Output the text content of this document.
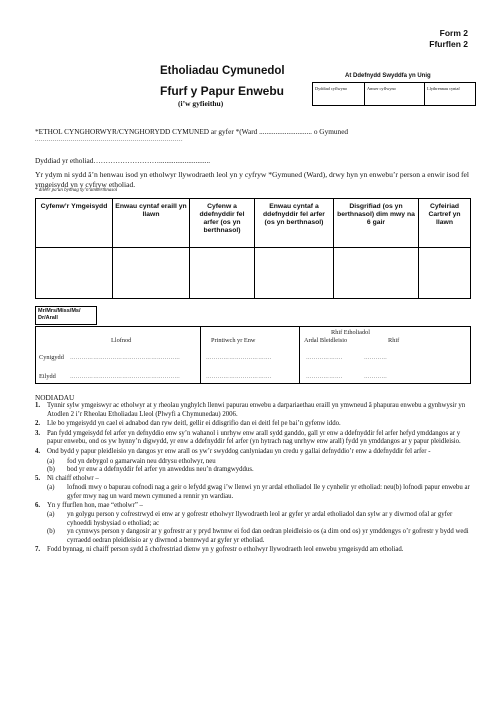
Form 2
Ffurflen 2
Etholiadau Cymunedol
Ffurf y Papur Enwebu
(i’w gyfieithu)
At Ddefnydd Swyddfa yn Unig
Dyddiad cyflwyno	Amser cyflwyno	Llythrennau cyntaf
*ETHOL CYNGHORWYR/CYNGHORYDD CYMUNED ar gyfer *(Ward ............................. o Gymuned
..........................................................................
Dyddiad yr etholiad………………………............................
Yr ydym ni sydd â’n henwau isod yn etholwyr llywodraeth leol yn y cyfryw *Gymuned (Ward), drwy hyn yn enwebu’r person a enwir isod fel ymgeisydd yn y cyfryw etholiad.
* dileer pa un bynnag sy’n amherthnasol
Cyfenw’r Ymgeisydd	Enwau cyntaf eraill yn llawn	Cyfenw a ddefnyddir fel arfer (os yn berthnasol)	Enwau cyntaf a ddefnyddir fel arfer (os yn berthnasol)	Disgrifiad (os yn berthnasol) dim mwy na 6 gair	Cyfeiriad Cartref yn llawn

Mr/Mrs/Miss/Ms/ Dr/Arall
Llofnod	Printiwch yr Enw
Rhif Etholiadol
Ardal Bleidleisio	Rhif
Cynigydd …………………………………………………	…………………………….	……………….	…………
Eilydd	…………………………………………………	…………………………….	……………….	…………
NODIADAU
1.	Tynnir sylw ymgeiswyr ac etholwyr at y rheolau ynghylch llenwi papurau enwebu a darpariaethau eraill yn ymwneud â phapurau enwebu a gynhwysir yn Atodlen 2 i’r Rheolau Etholiadau Lleol (Plwyfi a Chymunedau) 2006.
2.	Lle bo ymgeisydd yn cael ei adnabod dan ryw deitl, gellir ei ddisgrifio dan ei deitl fel pe bai’n gyfenw iddo.
3.	Pan fydd ymgeisydd fel arfer yn defnyddio enw sy’n wahanol i unrhyw enw arall sydd ganddo, gall yr enw a ddefnyddir fel arfer hefyd ymddangos ar y papur enwebu, ond os yw hynny’n digwydd, yr enw a ddefnyddir fel arfer (yn hytrach nag unrhyw enw arall) fydd yn ymddangos ar y papur pleidleisio.
4.	Ond bydd y papur pleidleisio yn dangos yr enw arall os yw’r swyddog canlyniadau yn credu y gallai defnyddio’r enw a ddefnyddir fel arfer -
(a)	fod yn debygol o gamarwain neu ddrysu etholwyr, neu
(b)	bod yr enw a ddefnyddir fel arfer yn anweddus neu’n dramgwyddus.
5.	Ni chaiff etholwr –
(a)	lofnodi mwy o bapurau cofnodi nag a geir o lefydd gwag i’w llenwi yn yr ardal etholiadol lle y cynhelir yr etholiad: neu(b) lofnodi papur enwebu ar gyfer mwy nag un ward mewn cymuned a rennir yn wardiau.
6.	Yn y ffurflen hon, mae “etholwr” –
(a)	yn golygu person y cofrestrwyd ei enw ar y gofrestr etholwyr llywodraeth leol ar gyfer yr ardal etholiadol dan sylw ar y diwrnod ofal ar gyfer cyhoeddi hysbysiad o etholiad; ac
(b)	yn cynnwys person y dangosir ar y gofrestr ar y pryd hwnnw ei fod dan oedran pleidleisio os (a dim ond os) yr ymddengys o’r gofrestr y bydd wedi cyrraedd oedran pleidleisio ar y diwrnod a bennwyd ar gyfer yr etholiad.
7.	Fodd bynnag, ni chaiff person sydd â chofrestriad dienw yn y gofrestr o etholwyr llywodraeth leol enwebu ymgeisydd am etholiad.
